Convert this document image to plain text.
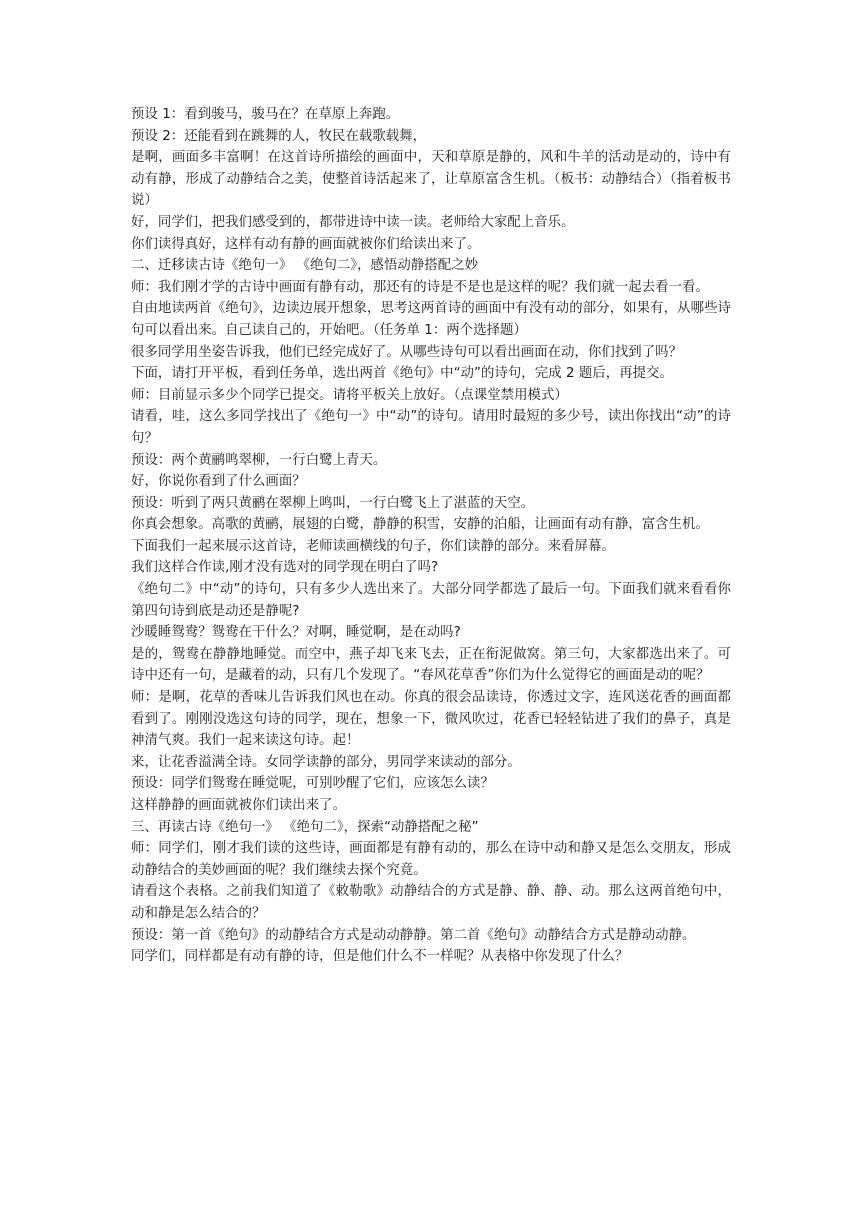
预设 1：看到骏马，骏马在？在草原上奔跑。

预设 2：还能看到在跳舞的人，牧民在载歌载舞，

是啊，画面多丰富啊！在这首诗所描绘的画面中，天和草原是静的，风和牛羊的活动是动的，诗中有动有静，形成了动静结合之美，使整首诗活起来了，让草原富含生机。（板书：动静结合）（指着板书说）

好，同学们，把我们感受到的，都带进诗中读一读。老师给大家配上音乐。

你们读得真好，这样有动有静的画面就被你们给读出来了。

二、迁移读古诗《绝句一》 《绝句二》，感悟动静搭配之妙

师：我们刚才学的古诗中画面有静有动，那还有的诗是不是也是这样的呢？我们就一起去看一看。

自由地读两首《绝句》，边读边展开想象，思考这两首诗的画面中有没有动的部分，如果有，从哪些诗句可以看出来。自己读自己的，开始吧。（任务单 1：两个选择题）

很多同学用坐姿告诉我，他们已经完成好了。从哪些诗句可以看出画面在动，你们找到了吗？

下面，请打开平板，看到任务单，选出两首《绝句》中“动”的诗句，完成 2 题后，再提交。

师：目前显示多少个同学已提交。请将平板关上放好。（点课堂禁用模式）

请看，哇，这么多同学找出了《绝句一》中“动”的诗句。请用时最短的多少号，读出你找出“动”的诗句？

预设：两个黄鹂鸣翠柳，一行白鹭上青天。

好，你说你看到了什么画面？

预设：听到了两只黄鹂在翠柳上鸣叫，一行白鹭飞上了湛蓝的天空。

你真会想象。高歌的黄鹂，展翅的白鹭，静静的积雪，安静的泊船，让画面有动有静，富含生机。

下面我们一起来展示这首诗，老师读画横线的句子，你们读静的部分。来看屏幕。

我们这样合作读,刚才没有选对的同学现在明白了吗?

《绝句二》中“动”的诗句，只有多少人选出来了。大部分同学都选了最后一句。下面我们就来看看你第四句诗到底是动还是静呢?

沙暖睡鸳鸯？鸳鸯在干什么？对啊，睡觉啊，是在动吗?

是的，鸳鸯在静静地睡觉。而空中，燕子却飞来飞去，正在衔泥做窝。第三句，大家都选出来了。可诗中还有一句，是藏着的动，只有几个发现了。“春风花草香”你们为什么觉得它的画面是动的呢？

师：是啊，花草的香味儿告诉我们风也在动。你真的很会品读诗，你透过文字，连风送花香的画面都看到了。刚刚没选这句诗的同学，现在，想象一下，微风吹过，花香已轻轻钻进了我们的鼻子，真是神清气爽。我们一起来读这句诗。起！

来，让花香溢满全诗。女同学读静的部分，男同学来读动的部分。

预设：同学们鸳鸯在睡觉呢，可别吵醒了它们，应该怎么读？

这样静静的画面就被你们读出来了。

三、再读古诗《绝句一》 《绝句二》，探索“动静搭配之秘”

师：同学们，刚才我们读的这些诗，画面都是有静有动的，那么在诗中动和静又是怎么交朋友，形成动静结合的美妙画面的呢？我们继续去探个究竟。

请看这个表格。之前我们知道了《敕勒歌》动静结合的方式是静、静、静、动。那么这两首绝句中，动和静是怎么结合的？

预设：第一首《绝句》的动静结合方式是动动静静。第二首《绝句》动静结合方式是静动动静。

同学们，同样都是有动有静的诗，但是他们什么不一样呢？从表格中你发现了什么？
